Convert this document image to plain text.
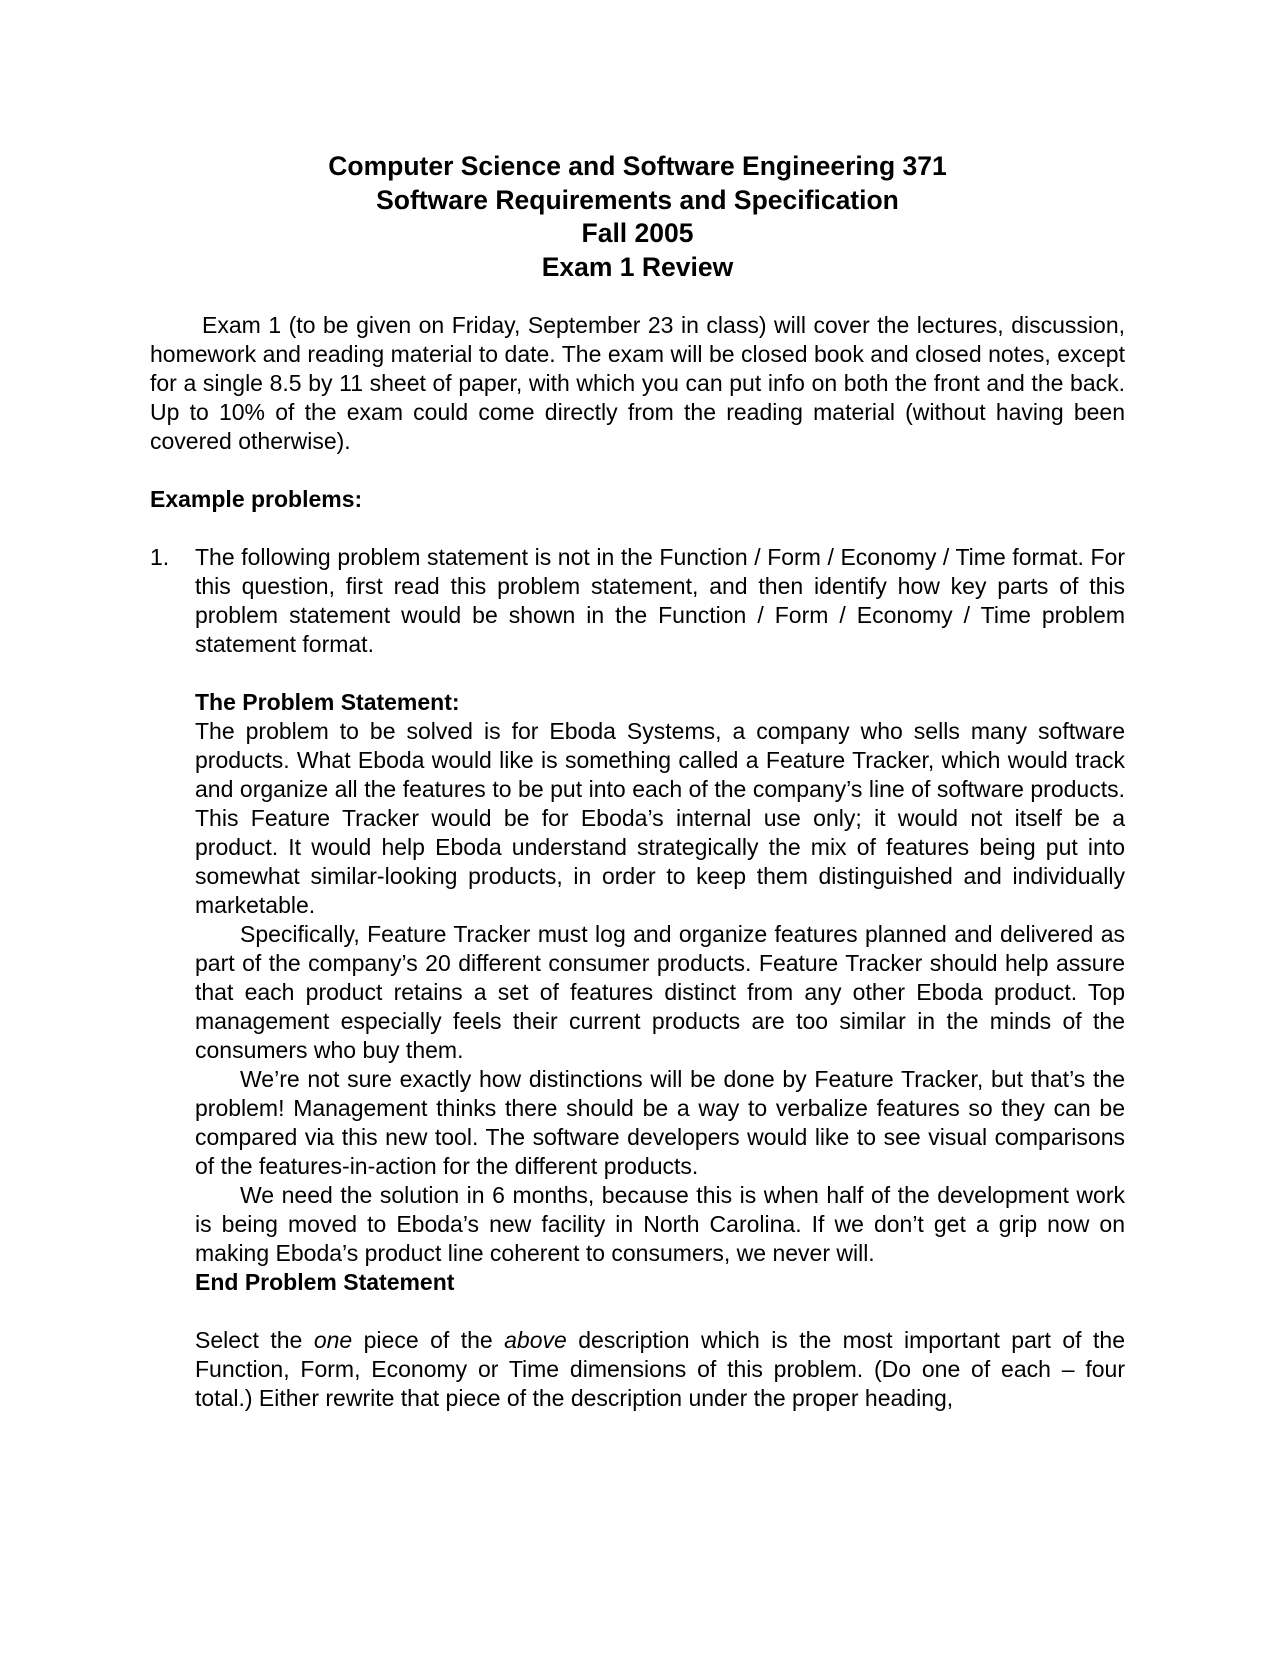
Computer Science and Software Engineering 371
Software Requirements and Specification
Fall 2005
Exam 1 Review

Exam 1 (to be given on Friday, September 23 in class) will cover the lectures, discussion, homework and reading material to date. The exam will be closed book and closed notes, except for a single 8.5 by 11 sheet of paper, with which you can put info on both the front and the back. Up to 10% of the exam could come directly from the reading material (without having been covered otherwise).

Example problems:

1. The following problem statement is not in the Function / Form / Economy / Time format. For this question, first read this problem statement, and then identify how key parts of this problem statement would be shown in the Function / Form / Economy / Time problem statement format.

The Problem Statement:

The problem to be solved is for Eboda Systems, a company who sells many software products. What Eboda would like is something called a Feature Tracker, which would track and organize all the features to be put into each of the company’s line of software products. This Feature Tracker would be for Eboda’s internal use only; it would not itself be a product. It would help Eboda understand strategically the mix of features being put into somewhat similar-looking products, in order to keep them distinguished and individually marketable.

Specifically, Feature Tracker must log and organize features planned and delivered as part of the company’s 20 different consumer products. Feature Tracker should help assure that each product retains a set of features distinct from any other Eboda product. Top management especially feels their current products are too similar in the minds of the consumers who buy them.

We’re not sure exactly how distinctions will be done by Feature Tracker, but that’s the problem! Management thinks there should be a way to verbalize features so they can be compared via this new tool. The software developers would like to see visual comparisons of the features-in-action for the different products.

We need the solution in 6 months, because this is when half of the development work is being moved to Eboda’s new facility in North Carolina. If we don’t get a grip now on making Eboda’s product line coherent to consumers, we never will.

End Problem Statement

Select the one piece of the above description which is the most important part of the Function, Form, Economy or Time dimensions of this problem. (Do one of each – four total.) Either rewrite that piece of the description under the proper heading,
